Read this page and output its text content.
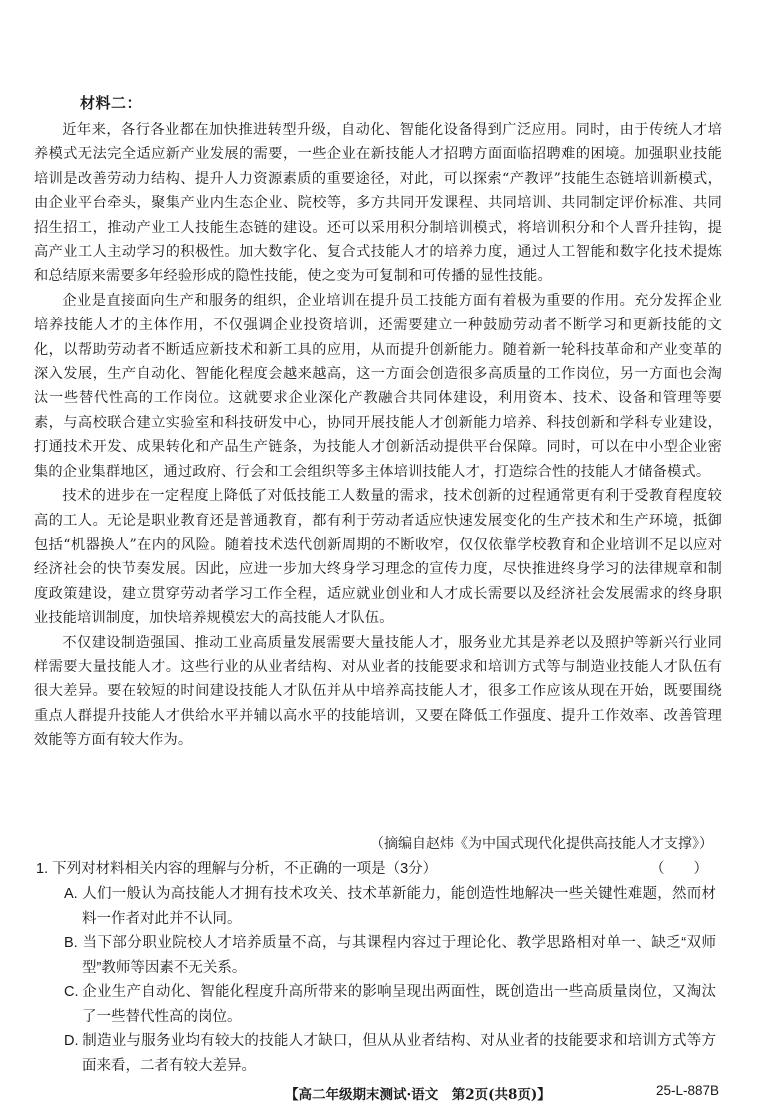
材料二：

近年来，各行各业都在加快推进转型升级，自动化、智能化设备得到广泛应用。同时，由于传统人才培养模式无法完全适应新产业发展的需要，一些企业在新技能人才招聘方面面临招聘难的困境。加强职业技能培训是改善劳动力结构、提升人力资源素质的重要途径，对此，可以探索“产教评”技能生态链培训新模式，由企业平台牵头，聚集产业内生态企业、院校等，多方共同开发课程、共同培训、共同制定评价标准、共同招生招工，推动产业工人技能生态链的建设。还可以采用积分制培训模式，将培训积分和个人晋升挂钩，提高产业工人主动学习的积极性。加大数字化、复合式技能人才的培养力度，通过人工智能和数字化技术提炼和总结原来需要多年经验形成的隐性技能，使之变为可复制和可传播的显性技能。

企业是直接面向生产和服务的组织，企业培训在提升员工技能方面有着极为重要的作用。充分发挥企业培养技能人才的主体作用，不仅强调企业投资培训，还需要建立一种鼓励劳动者不断学习和更新技能的文化，以帮助劳动者不断适应新技术和新工具的应用，从而提升创新能力。随着新一轮科技革命和产业变革的深入发展，生产自动化、智能化程度会越来越高，这一方面会创造很多高质量的工作岗位，另一方面也会淘汰一些替代性高的工作岗位。这就要求企业深化产教融合共同体建设，利用资本、技术、设备和管理等要素，与高校联合建立实验室和科技研发中心，协同开展技能人才创新能力培养、科技创新和学科专业建设，打通技术开发、成果转化和产品生产链条，为技能人才创新活动提供平台保障。同时，可以在中小型企业密集的企业集群地区，通过政府、行会和工会组织等多主体培训技能人才，打造综合性的技能人才储备模式。

技术的进步在一定程度上降低了对低技能工人数量的需求，技术创新的过程通常更有利于受教育程度较高的工人。无论是职业教育还是普通教育，都有利于劳动者适应快速发展变化的生产技术和生产环境，抵御包括“机器换人”在内的风险。随着技术迭代创新周期的不断收窄，仅仅依靠学校教育和企业培训不足以应对经济社会的快节奏发展。因此，应进一步加大终身学习理念的宣传力度，尽快推进终身学习的法律规章和制度政策建设，建立贯穿劳动者学习工作全程，适应就业创业和人才成长需要以及经济社会发展需求的终身职业技能培训制度，加快培养规模宏大的高技能人才队伍。

不仅建设制造强国、推动工业高质量发展需要大量技能人才，服务业尤其是养老以及照护等新兴行业同样需要大量技能人才。这些行业的从业者结构、对从业者的技能要求和培训方式等与制造业技能人才队伍有很大差异。要在较短的时间建设技能人才队伍并从中培养高技能人才，很多工作应该从现在开始，既要围绕重点人群提升技能人才供给水平并辅以高水平的技能培训，又要在降低工作强度、提升工作效率、改善管理效能等方面有较大作为。

（摘编自赵炜《为中国式现代化提供高技能人才支撑》）
1. 下列对材料相关内容的理解与分析，不正确的一项是（3分）	（　　）
A. 人们一般认为高技能人才拥有技术攻关、技术革新能力，能创造性地解决一些关键性难题，然而材料一作者对此并不认同。
B. 当下部分职业院校人才培养质量不高，与其课程内容过于理论化、教学思路相对单一、缺乏“双师型”教师等因素不无关系。
C. 企业生产自动化、智能化程度升高所带来的影响呈现出两面性，既创造出一些高质量岗位，又淘汰了一些替代性高的岗位。
D. 制造业与服务业均有较大的技能人才缺口，但从从业者结构、对从业者的技能要求和培训方式等方面来看，二者有较大差异。
【高二年级期末测试·语文　第2页(共8页)】	25-L-887B
